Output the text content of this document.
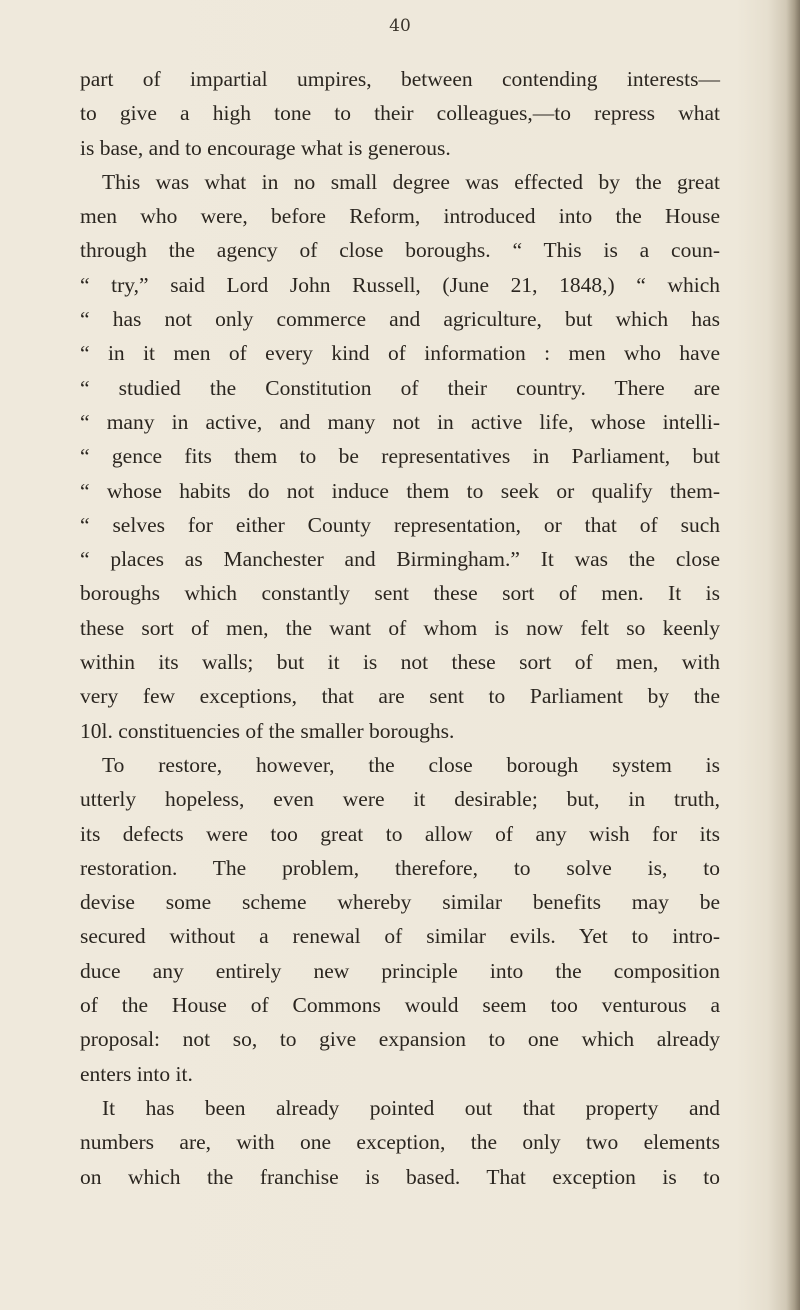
40
part of impartial umpires, between contending interests—
to give a high tone to their colleagues,—to repress what
is base, and to encourage what is generous.
This was what in no small degree was effected by the great
men who were, before Reform, introduced into the House
through the agency of close boroughs. “ This is a coun-
“ try,” said Lord John Russell, (June 21, 1848,) “ which
“ has not only commerce and agriculture, but which has
“ in it men of every kind of information : men who have
“ studied the Constitution of their country. There are
“ many in active, and many not in active life, whose intelli-
“ gence fits them to be representatives in Parliament, but
“ whose habits do not induce them to seek or qualify them-
“ selves for either County representation, or that of such
“ places as Manchester and Birmingham.” It was the close
boroughs which constantly sent these sort of men. It is
these sort of men, the want of whom is now felt so keenly
within its walls; but it is not these sort of men, with
very few exceptions, that are sent to Parliament by the
10l. constituencies of the smaller boroughs.
To restore, however, the close borough system is
utterly hopeless, even were it desirable; but, in truth,
its defects were too great to allow of any wish for its
restoration. The problem, therefore, to solve is, to
devise some scheme whereby similar benefits may be
secured without a renewal of similar evils. Yet to intro-
duce any entirely new principle into the composition
of the House of Commons would seem too venturous a
proposal: not so, to give expansion to one which already
enters into it.
It has been already pointed out that property and
numbers are, with one exception, the only two elements
on which the franchise is based. That exception is to
